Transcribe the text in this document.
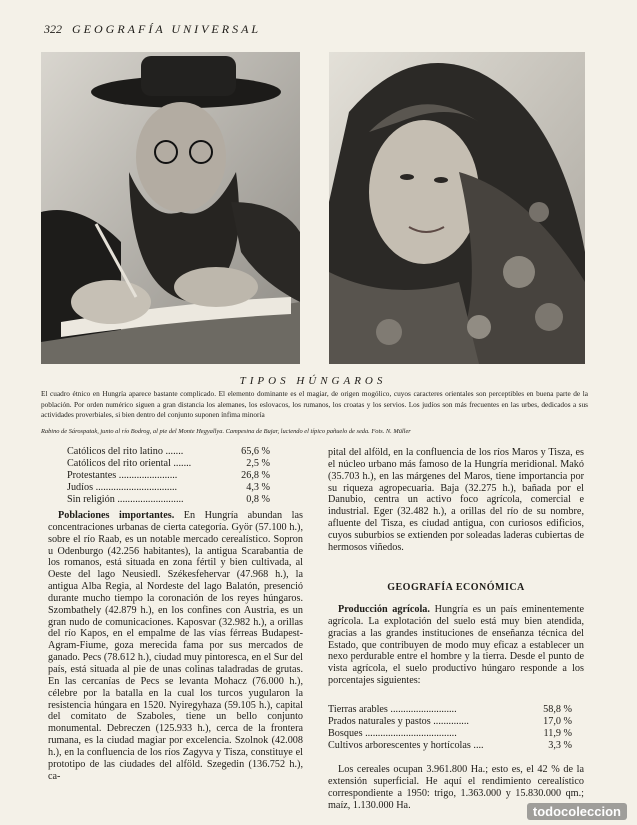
322 GEOGRAFÍA UNIVERSAL
TIPOS HÚNGAROS
El cuadro étnico en Hungría aparece bastante complicado. El elemento dominante es el magiar, de origen mogólico, cuyos caracteres orientales son perceptibles en buena parte de la población. Por orden numérico siguen a gran distancia los alemanes, los eslovacos, los rumanos, los croatas y los servios. Los judíos son más frecuentes en las urbes, dedicados a sus actividades proverbiales, si bien dentro del conjunto suponen ínfima minoría
Rabino de Sárospatak, junto al río Bodrog, al pie del Monte Hegyallya. Campesina de Bujar, luciendo el típico pañuelo de seda. Fots. N. Müller
Católicos del rito latino .......	65,6 %
Católicos del rito oriental .......	2,5 %
Protestantes .......................	26,8 %
Judíos ................................	4,3 %
Sin religión ..........................	0,8 %

Poblaciones importantes. En Hungría abundan las concentraciones urbanas de cierta categoría. Györ (57.100 h.), sobre el río Raab, es un notable mercado cerealístico. Sopron u Odenburgo (42.256 habitantes), la antigua Scarabantia de los romanos, está situada en zona fértil y bien cultivada, al Oeste del lago Neusiedl. Székesfehervar (47.968 h.), la antigua Alba Regia, al Nordeste del lago Balatón, presenció durante mucho tiempo la coronación de los reyes húngaros. Szombathely (42.879 h.), en los confines con Austria, es un gran nudo de comunicaciones. Kaposvar (32.982 h.), a orillas del río Kapos, en el empalme de las vías férreas Budapest-Agram-Fiume, goza merecida fama por sus mercados de ganado. Pecs (78.612 h.), ciudad muy pintoresca, en el Sur del país, está situada al pie de unas colinas taladradas de grutas. En las cercanías de Pecs se levanta Mohacz (76.000 h.), célebre por la batalla en la cual los turcos yugularon la resistencia húngara en 1520. Nyiregyhaza (59.105 h.), capital del comitato de Szaboles, tiene un bello conjunto monumental. Debreczen (125.933 h.), cerca de la frontera rumana, es la ciudad magiar por excelencia. Szolnok (42.008 h.), en la confluencia de los ríos Zagyva y Tisza, constituye el prototipo de las ciudades del alföld. Szegedin (136.752 h.), ca-

pital del alföld, en la confluencia de los ríos Maros y Tisza, es el núcleo urbano más famoso de la Hungría meridional. Makó (35.703 h.), en las márgenes del Maros, tiene importancia por su riqueza agropecuaria. Baja (32.275 h.), bañada por el Danubio, centra un activo foco agrícola, comercial e industrial. Eger (32.482 h.), a orillas del río de su nombre, afluente del Tisza, es ciudad antigua, con curiosos edificios, cuyos suburbios se extienden por soleadas laderas cubiertas de hermosos viñedos.

GEOGRAFÍA ECONÓMICA

Producción agrícola. Hungría es un país eminentemente agrícola. La explotación del suelo está muy bien atendida, gracias a las grandes instituciones de enseñanza técnica del Estado, que contribuyen de modo muy eficaz a establecer un nexo perdurable entre el hombre y la tierra. Desde el punto de vista agrícola, el suelo productivo húngaro responde a los porcentajes siguientes:

Tierras arables ..........................	58,8 %
Prados naturales y pastos ..............	17,0 %
Bosques ....................................	11,9 %
Cultivos arborescentes y hortícolas ....	3,3 %

Los cereales ocupan 3.961.800 Ha.; esto es, el 42 % de la extensión superficial. He aquí el rendimiento cerealístico correspondiente a 1950: trigo, 1.363.000 y 15.830.000 qm.; maíz, 1.130.000 Ha.	todocoleccion
